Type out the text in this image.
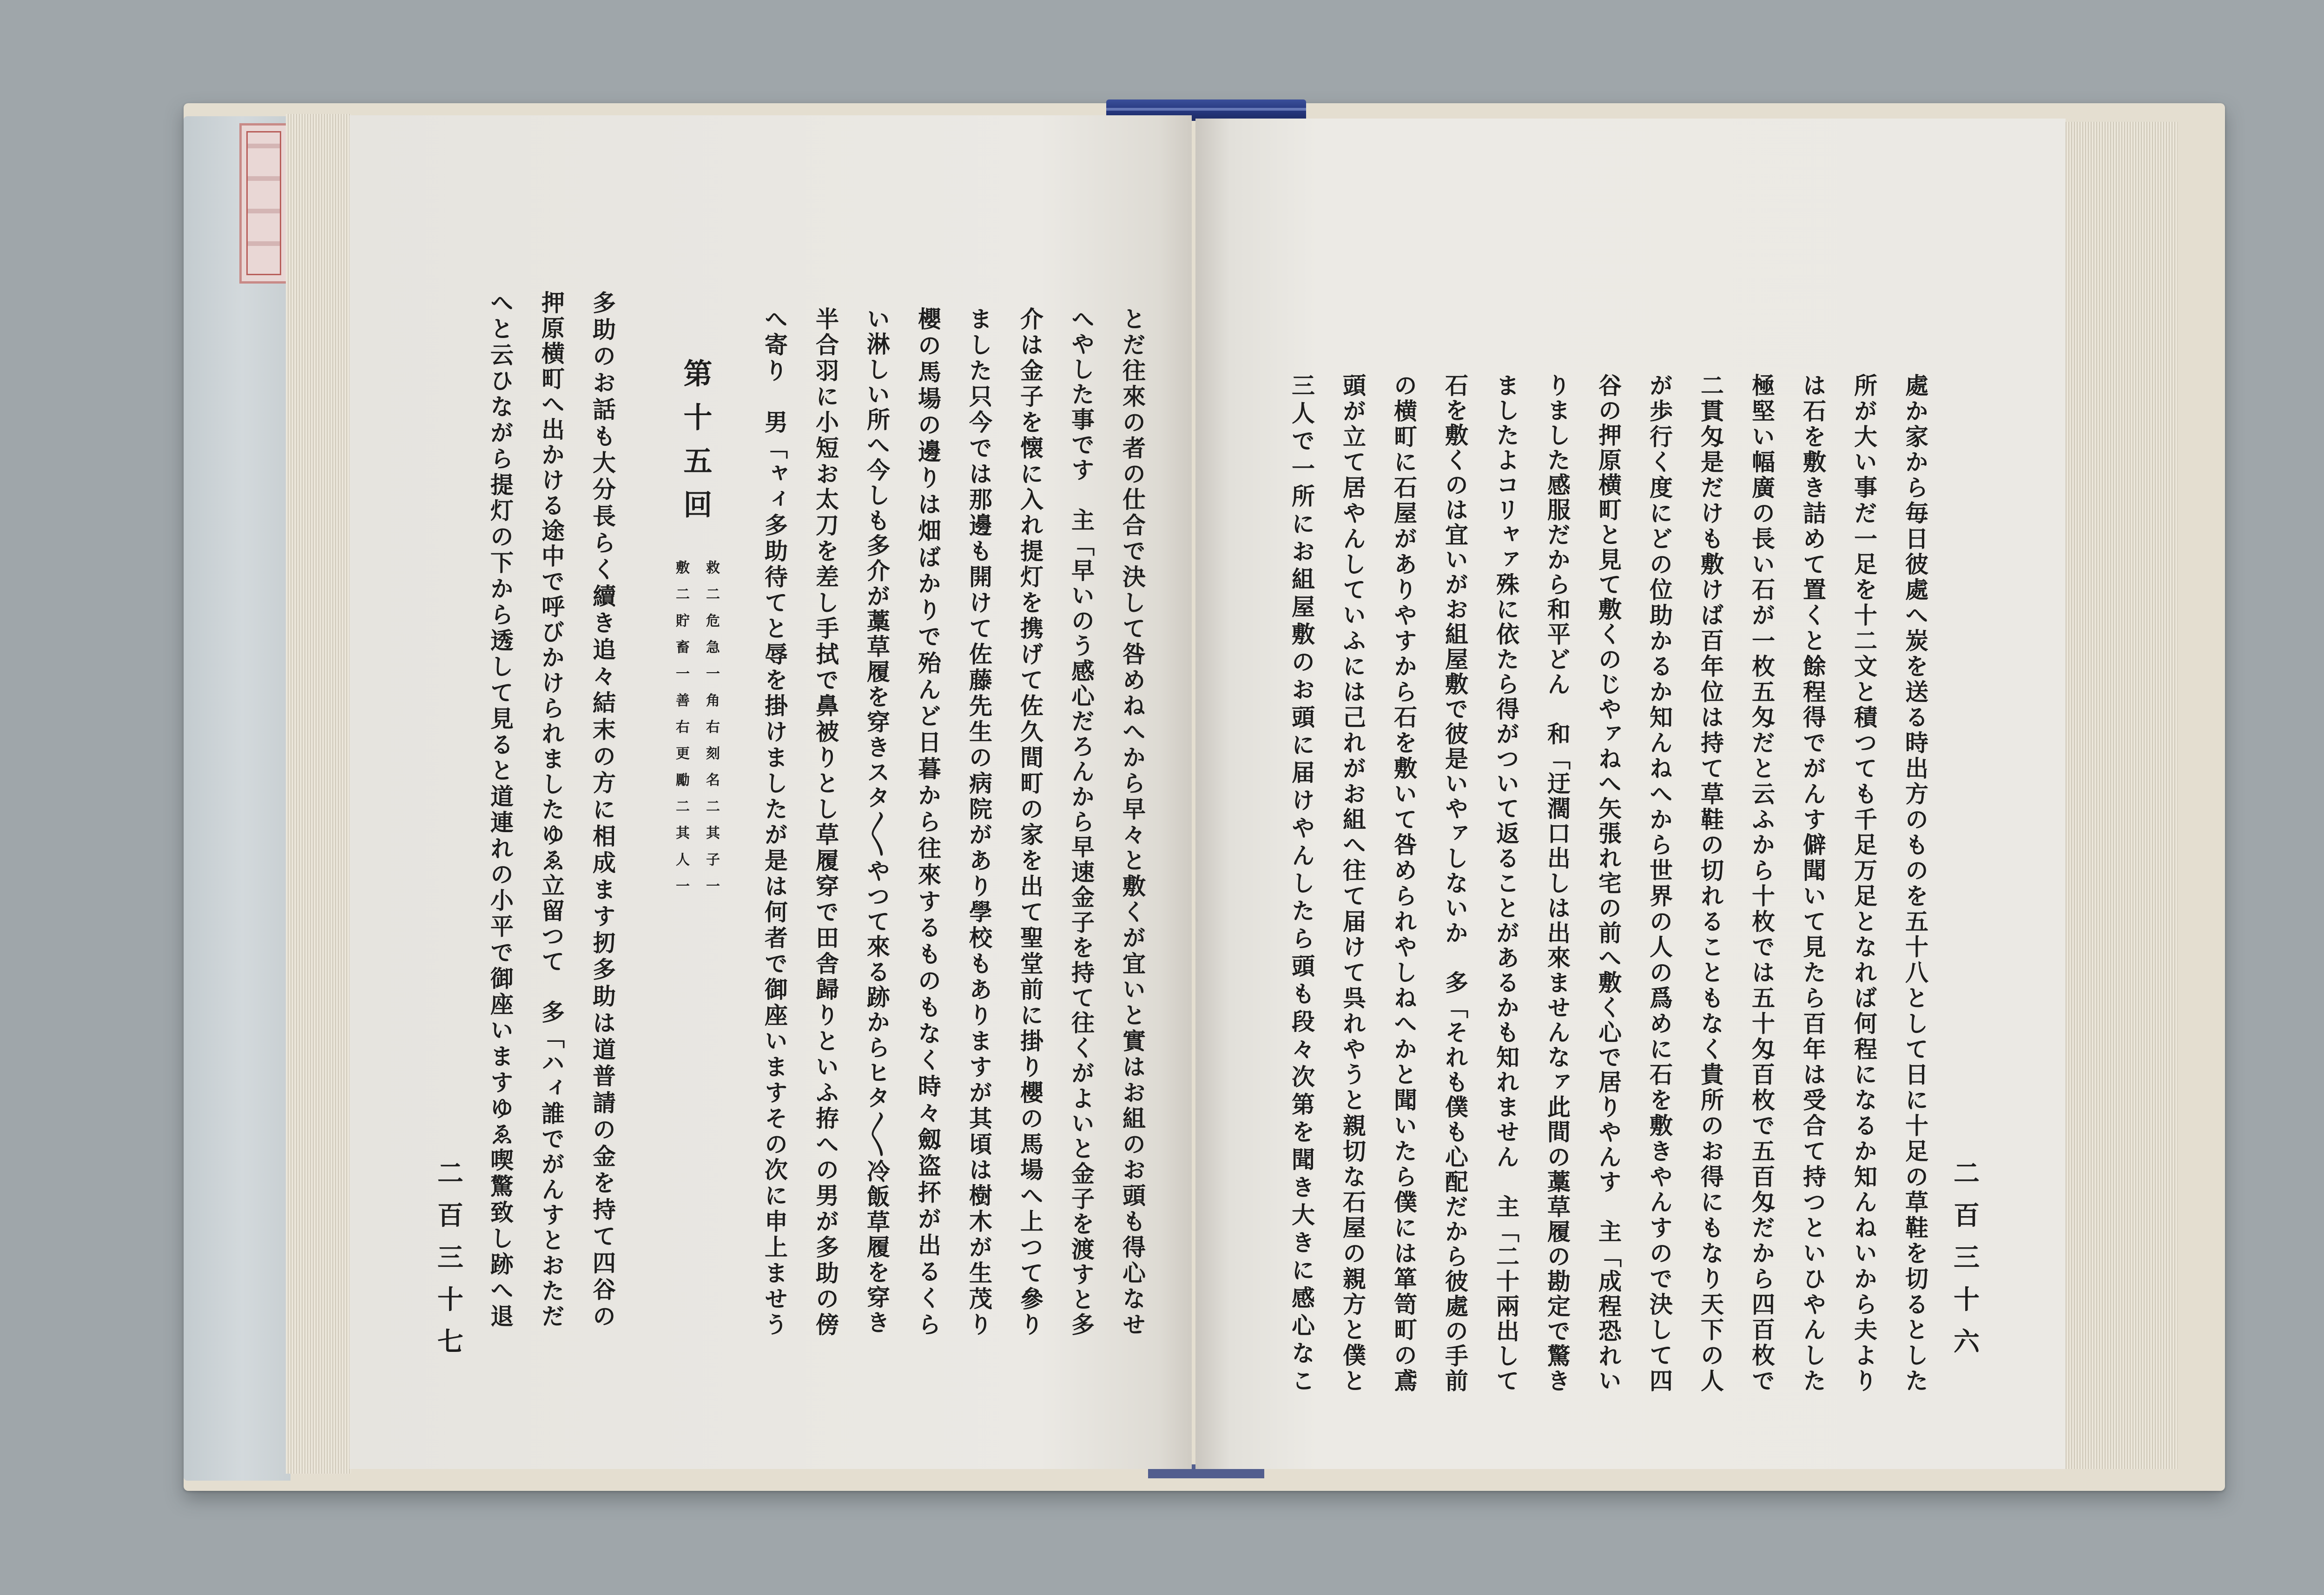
二百三十六
處か家から毎日彼處へ炭を送る時出方のものを五十八として日に十足の草鞋を切るとした
所が大い事だ一足を十二文と積つても千足万足となれば何程になるか知んねいから夫より
は石を敷き詰めて置くと餘程得でがんす僻聞いて見たら百年は受合て持つといひやんした
極堅い幅廣の長い石が一枚五匁だと云ふから十枚では五十匁百枚で五百匁だから四百枚で
二貫匁是だけも敷けば百年位は持て草鞋の切れることもなく貴所のお得にもなり天下の人
が歩行く度にどの位助かるか知んねへから世界の人の爲めに石を敷きやんすので決して四
谷の押原横町と見て敷くのじやァねへ矢張れ宅の前へ敷く心で居りやんす　主「成程恐れい
りました感服だから和平どん　和「迂濶口出しは出來ませんなァ此間の藁草履の勘定で驚き
ましたよコリャァ殊に依たら得がついて返ることがあるかも知れません　主「二十兩出して
石を敷くのは宜いがお組屋敷で彼是いやァしないか　多「それも僕も心配だから彼處の手前
の横町に石屋がありやすから石を敷いて咎められやしねへかと聞いたら僕には箪笥町の鳶
頭が立て居やんしていふには己れがお組へ往て届けて呉れやうと親切な石屋の親方と僕と
三人で一所にお組屋敷のお頭に届けやんしたら頭も段々次第を聞き大きに感心なこ
とだ往來の者の仕合で決して咎めねへから早々と敷くが宜いと實はお組のお頭も得心なせ
へやした事です　主「早いのう感心だろんから早速金子を持て往くがよいと金子を渡すと多
介は金子を懐に入れ提灯を携げて佐久間町の家を出て聖堂前に掛り櫻の馬場へ上つて參り
ました只今では那邊も開けて佐藤先生の病院があり學校もありますが其頃は樹木が生茂り
櫻の馬場の邊りは畑ばかりで殆んど日暮から往來するものもなく時々劔盗抔が出るくら
い淋しい所へ今しも多介が藁草履を穿きスタ〳〵やつて來る跡からヒタ〳〵冷飯草履を穿き
半合羽に小短お太刀を差し手拭で鼻被りとし草履穿で田舎歸りといふ拵への男が多助の傍
へ寄り　男「ャィ多助待てと辱を掛けましたが是は何者で御座いますその次に申上ませう
救二危急一角右刻名二其子一
第十五回
敷二貯畜一善右更勵二其人一
多助のお話も大分長らく續き追々結末の方に相成ます扨多助は道普請の金を持て四谷の
押原横町へ出かける途中で呼びかけられましたゆゑ立留つて　多「ハィ誰でがんすとおただ
へと云ひながら提灯の下から透して見ると道連れの小平で御座いますゆゑ喫驚致し跡へ退
二百三十七
